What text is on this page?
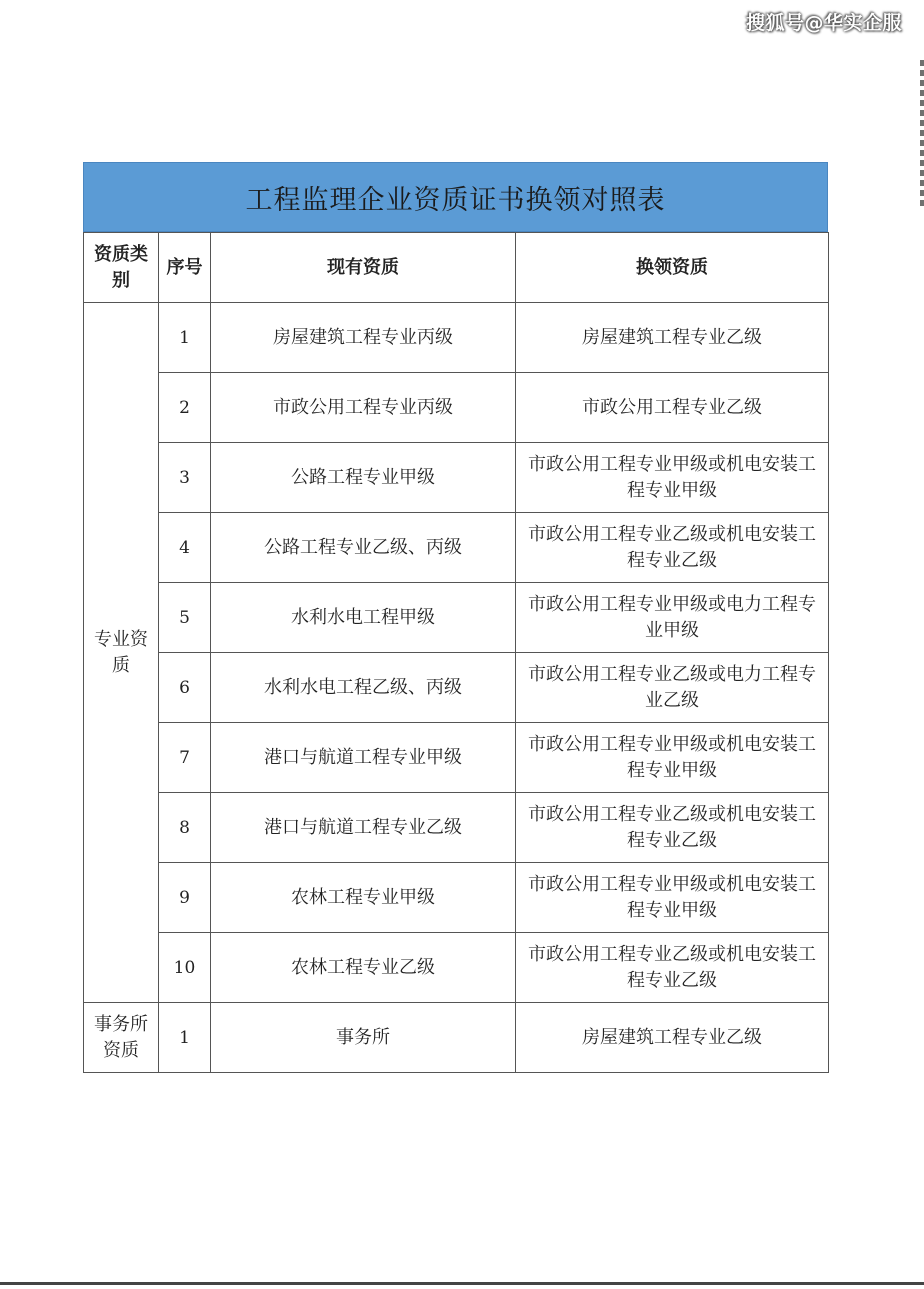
搜狐号@华实企服
工程监理企业资质证书换领对照表
资质类别	序号	现有资质	换领资质
专业资质	1	房屋建筑工程专业丙级	房屋建筑工程专业乙级
	2	市政公用工程专业丙级	市政公用工程专业乙级
	3	公路工程专业甲级	市政公用工程专业甲级或机电安装工程专业甲级
	4	公路工程专业乙级、丙级	市政公用工程专业乙级或机电安装工程专业乙级
	5	水利水电工程甲级	市政公用工程专业甲级或电力工程专业甲级
	6	水利水电工程乙级、丙级	市政公用工程专业乙级或电力工程专业乙级
	7	港口与航道工程专业甲级	市政公用工程专业甲级或机电安装工程专业甲级
	8	港口与航道工程专业乙级	市政公用工程专业乙级或机电安装工程专业乙级
	9	农林工程专业甲级	市政公用工程专业甲级或机电安装工程专业甲级
	10	农林工程专业乙级	市政公用工程专业乙级或机电安装工程专业乙级
事务所资质	1	事务所	房屋建筑工程专业乙级
